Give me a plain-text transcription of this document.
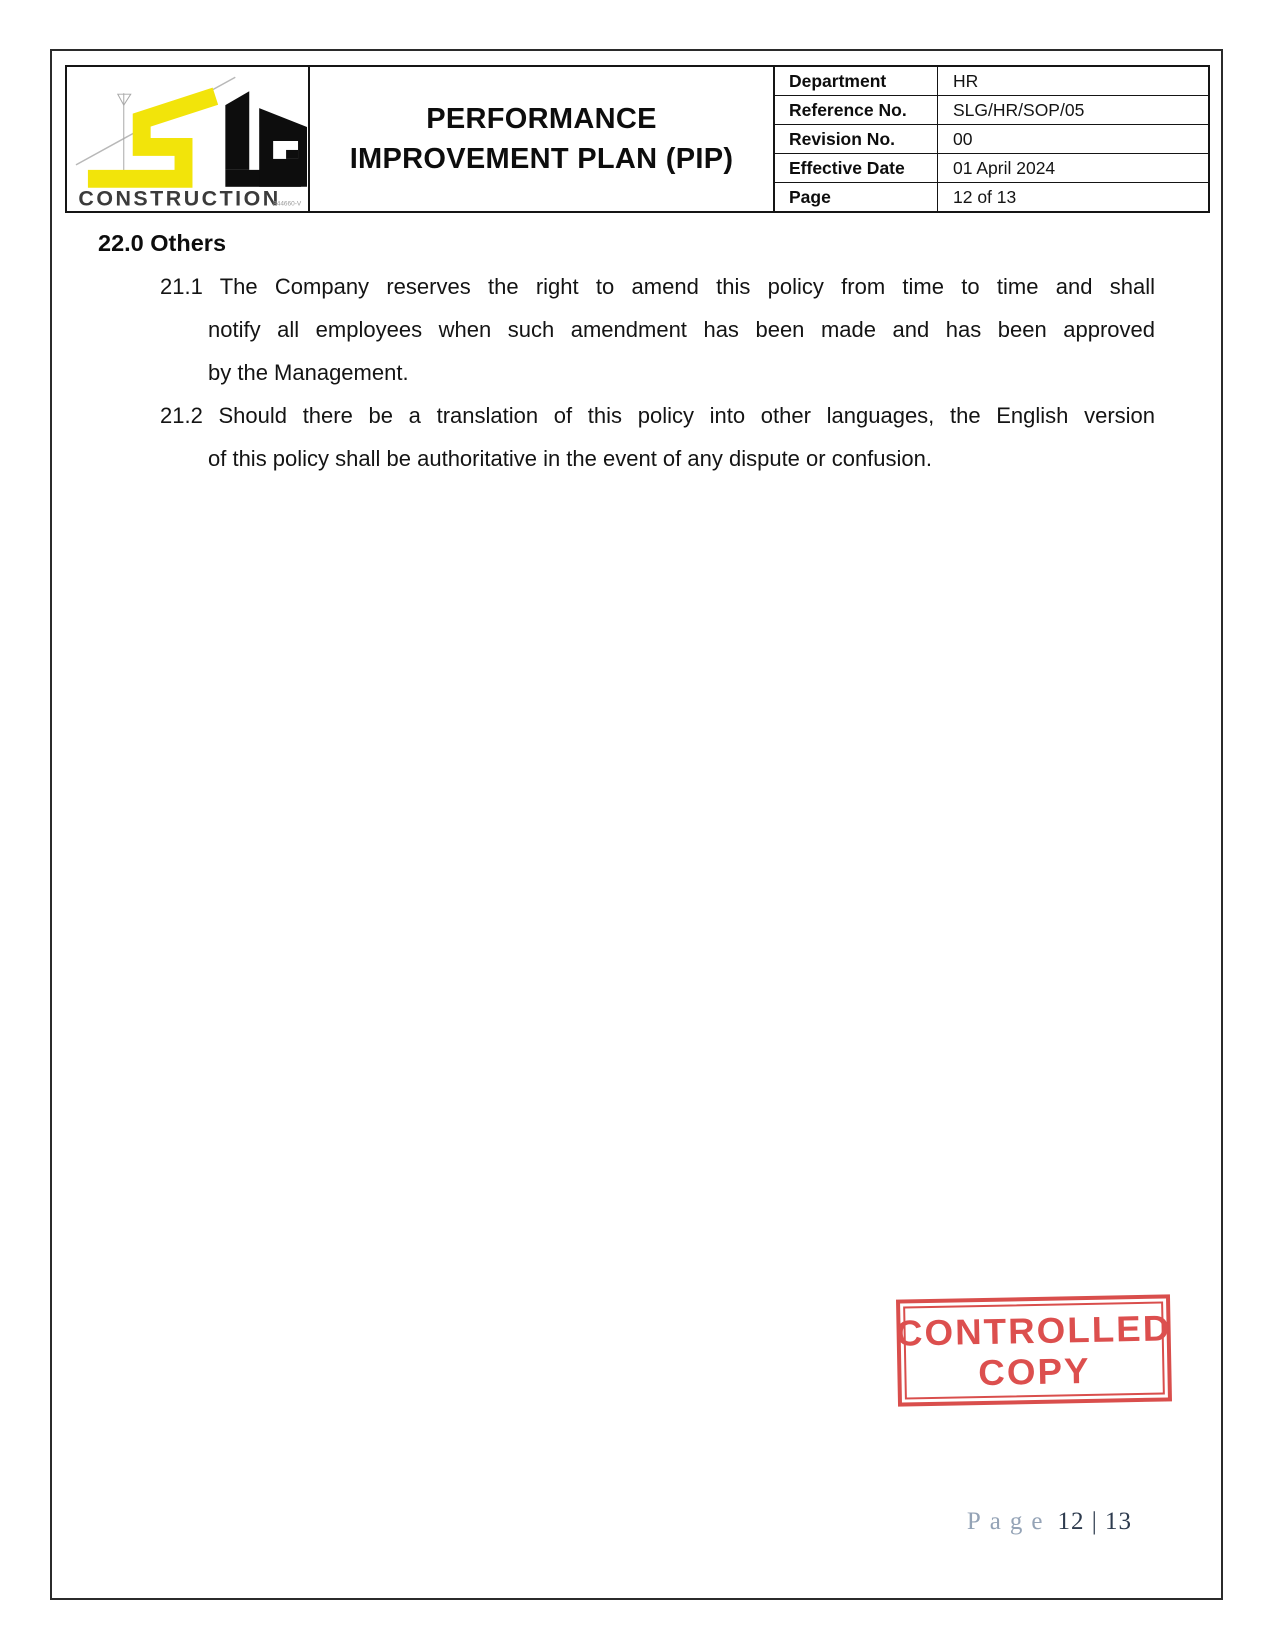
CONSTRUCTION
844660-V
PERFORMANCE
IMPROVEMENT PLAN (PIP)
Department	HR
Reference No.	SLG/HR/SOP/05
Revision No.	00
Effective Date	01 April 2024
Page	12 of 13
22.0 Others
21.1 The Company reserves the right to amend this policy from time to time and shall
notify all employees when such amendment has been made and has been approved
by the Management.
21.2 Should there be a translation of this policy into other languages, the English version
of this policy shall be authoritative in the event of any dispute or confusion.
CONTROLLED
COPY
Page 12 | 13
